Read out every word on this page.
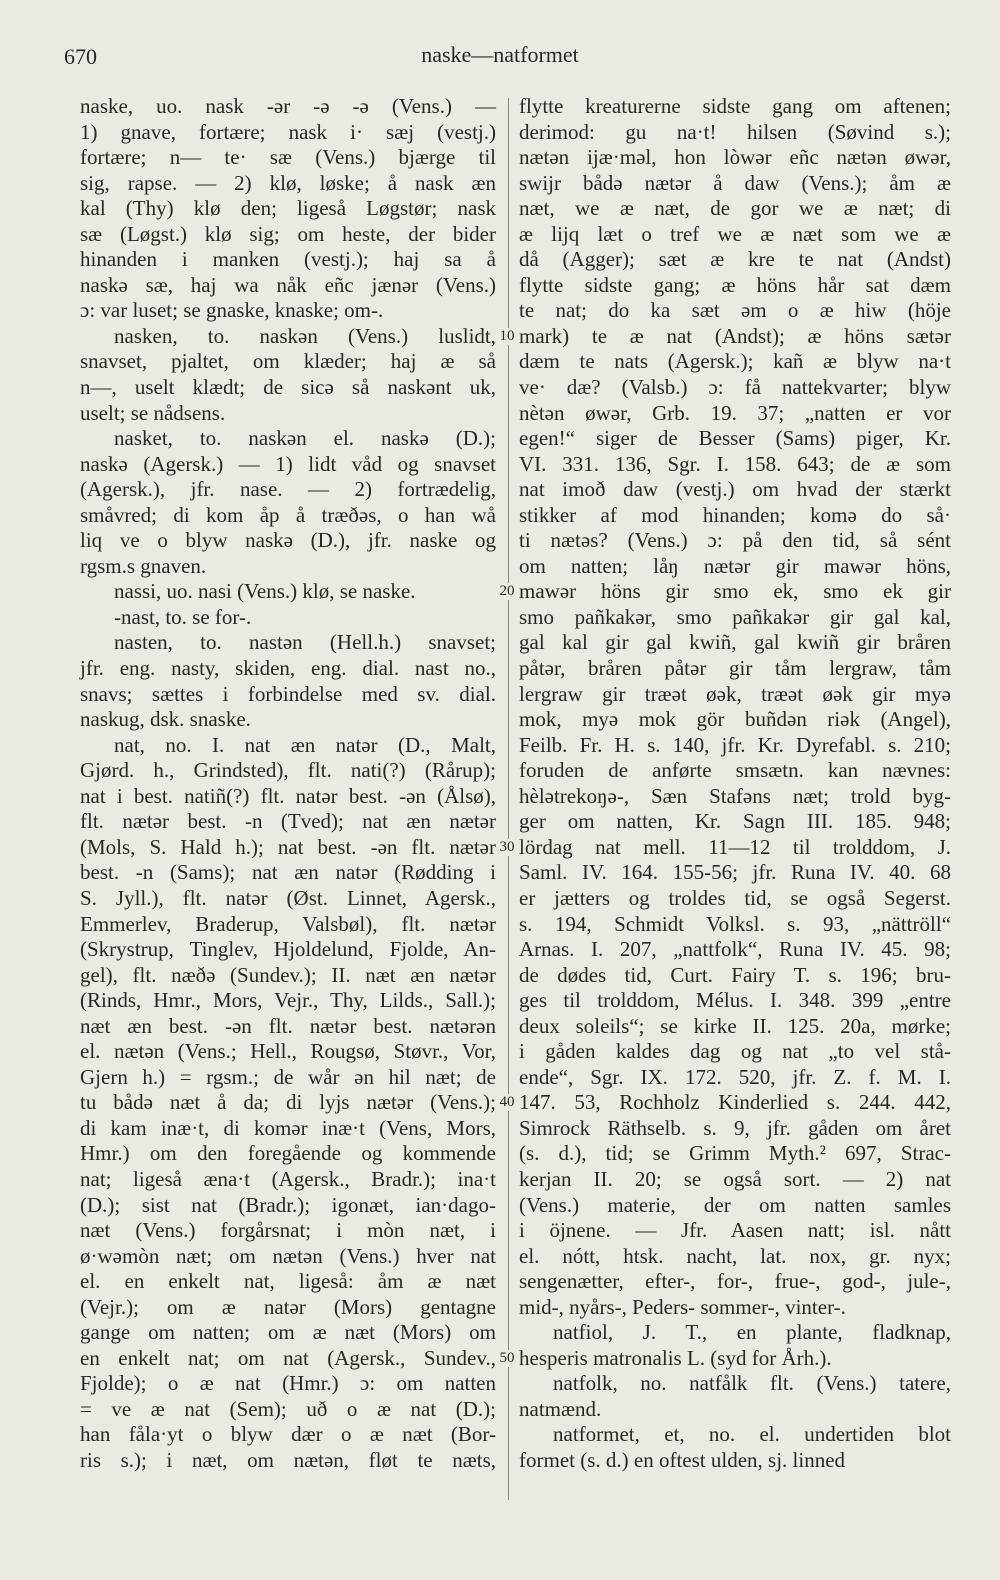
670	naske—natformet
naske, uo. nask -ər -ə -ə (Vens.) —
1) gnave, fortære; nask i· sæj (vestj.)
fortære; n— te· sæ (Vens.) bjærge til
sig, rapse. — 2) klø, løske; å nask æn
kal (Thy) klø den; ligeså Løgstør; nask
sæ (Løgst.) klø sig; om heste, der bider
hinanden i manken (vestj.); haj sa å
naskə sæ, haj wa nåk eñc jænər (Vens.)
ɔ: var luset; se gnaske, knaske; om-.
nasken, to. naskən (Vens.) luslidt,
snavset, pjaltet, om klæder; haj æ så
n—, uselt klædt; de sicə så naskənt uk,
uselt; se nådsens.
nasket, to. naskən el. naskə (D.);
naskə (Agersk.) — 1) lidt våd og snavset
(Agersk.), jfr. nase. — 2) fortrædelig,
småvred; di kom åp å træðəs, o han wå
liq ve o blyw naskə (D.), jfr. naske og
rgsm.s gnaven.
nassi, uo. nasi (Vens.) klø, se naske.
-nast, to. se for-.
nasten, to. nastən (Hell.h.) snavset;
jfr. eng. nasty, skiden, eng. dial. nast no.,
snavs; sættes i forbindelse med sv. dial.
naskug, dsk. snaske.
nat, no. I. nat æn natər (D., Malt,
Gjørd. h., Grindsted), flt. nati(?) (Rårup);
nat i best. natiñ(?) flt. natər best. -ən (Ålsø),
flt. nætər best. -n (Tved); nat æn nætər
(Mols, S. Hald h.); nat best. -ən flt. nætər
best. -n (Sams); nat æn natər (Rødding i
S. Jyll.), flt. natər (Øst. Linnet, Agersk.,
Emmerlev, Braderup, Valsbøl), flt. nætər
(Skrystrup, Tinglev, Hjoldelund, Fjolde, An-
gel), flt. næðə (Sundev.); II. næt æn nætər
(Rinds, Hmr., Mors, Vejr., Thy, Lilds., Sall.);
næt æn best. -ən flt. nætər best. nætərən
el. nætən (Vens.; Hell., Rougsø, Støvr., Vor,
Gjern h.) = rgsm.; de wår ən hil næt; de
tu bådə næt å da; di lyjs nætər (Vens.);
di kam inæ·t, di komər inæ·t (Vens, Mors,
Hmr.) om den foregående og kommende
nat; ligeså æna·t (Agersk., Bradr.); ina·t
(D.); sist nat (Bradr.); igonæt, ian·dago-
næt (Vens.) forgårsnat; i mòn næt, i
ø·wəmòn næt; om nætən (Vens.) hver nat
el. en enkelt nat, ligeså: åm æ næt
(Vejr.); om æ natər (Mors) gentagne
gange om natten; om æ næt (Mors) om
en enkelt nat; om nat (Agersk., Sundev.,
Fjolde); o æ nat (Hmr.) ɔ: om natten
= ve æ nat (Sem); uð o æ nat (D.);
han fåla·yt o blyw dær o æ næt (Bor-
ris s.); i næt, om nætən, fløt te næts,
flytte kreaturerne sidste gang om aftenen;
derimod: gu na·t! hilsen (Søvind s.);
nætən ijæ·məl, hon lòwər eñc nætən øwər,
swijr bådə nætər å daw (Vens.); åm æ
næt, we æ næt, de gor we æ næt; di
æ lijq læt o tref we æ næt som we æ
då (Agger); sæt æ kre te nat (Andst)
flytte sidste gang; æ höns hår sat dæm
te nat; do ka sæt əm o æ hiw (höje
mark) te æ nat (Andst); æ höns sætər
dæm te nats (Agersk.); kañ æ blyw na·t
ve· dæ? (Valsb.) ɔ: få nattekvarter; blyw
nètən øwər, Grb. 19. 37; „natten er vor
egen!“ siger de Besser (Sams) piger, Kr.
VI. 331. 136, Sgr. I. 158. 643; de æ som
nat imoð daw (vestj.) om hvad der stærkt
stikker af mod hinanden; komə do så·
ti nætəs? (Vens.) ɔ: på den tid, så sént
om natten; låŋ nætər gir mawər höns,
mawər höns gir smo ek, smo ek gir
smo pañkakər, smo pañkakər gir gal kal,
gal kal gir gal kwiñ, gal kwiñ gir bråren
påtər, bråren påtər gir tåm lergraw, tåm
lergraw gir træət øək, træət øək gir myə
mok, myə mok gör buñdən riək (Angel),
Feilb. Fr. H. s. 140, jfr. Kr. Dyrefabl. s. 210;
foruden de anførte smsætn. kan nævnes:
hèlətrekoŋə-, Sæn Stafəns næt; trold byg-
ger om natten, Kr. Sagn III. 185. 948;
lördag nat mell. 11—12 til trolddom, J.
Saml. IV. 164. 155-56; jfr. Runa IV. 40. 68
er jætters og troldes tid, se også Segerst.
s. 194, Schmidt Volksl. s. 93, „nättröll“
Arnas. I. 207, „nattfolk“, Runa IV. 45. 98;
de dødes tid, Curt. Fairy T. s. 196; bru-
ges til trolddom, Mélus. I. 348. 399 „entre
deux soleils“; se kirke II. 125. 20a, mørke;
i gåden kaldes dag og nat „to vel stå-
ende“, Sgr. IX. 172. 520, jfr. Z. f. M. I.
147. 53, Rochholz Kinderlied s. 244. 442,
Simrock Räthselb. s. 9, jfr. gåden om året
(s. d.), tid; se Grimm Myth.² 697, Strac-
kerjan II. 20; se også sort. — 2) nat
(Vens.) materie, der om natten samles
i öjnene. — Jfr. Aasen natt; isl. nått
el. nótt, htsk. nacht, lat. nox, gr. nyx;
sengenætter, efter-, for-, frue-, god-, jule-,
mid-, nyårs-, Peders- sommer-, vinter-.
natfiol, J. T., en plante, fladknap,
hesperis matronalis L. (syd for Årh.).
natfolk, no. natfålk flt. (Vens.) tatere,
natmænd.
natformet, et, no. el. undertiden blot
formet (s. d.) en oftest ulden, sj. linned
10
20
30
40
50
